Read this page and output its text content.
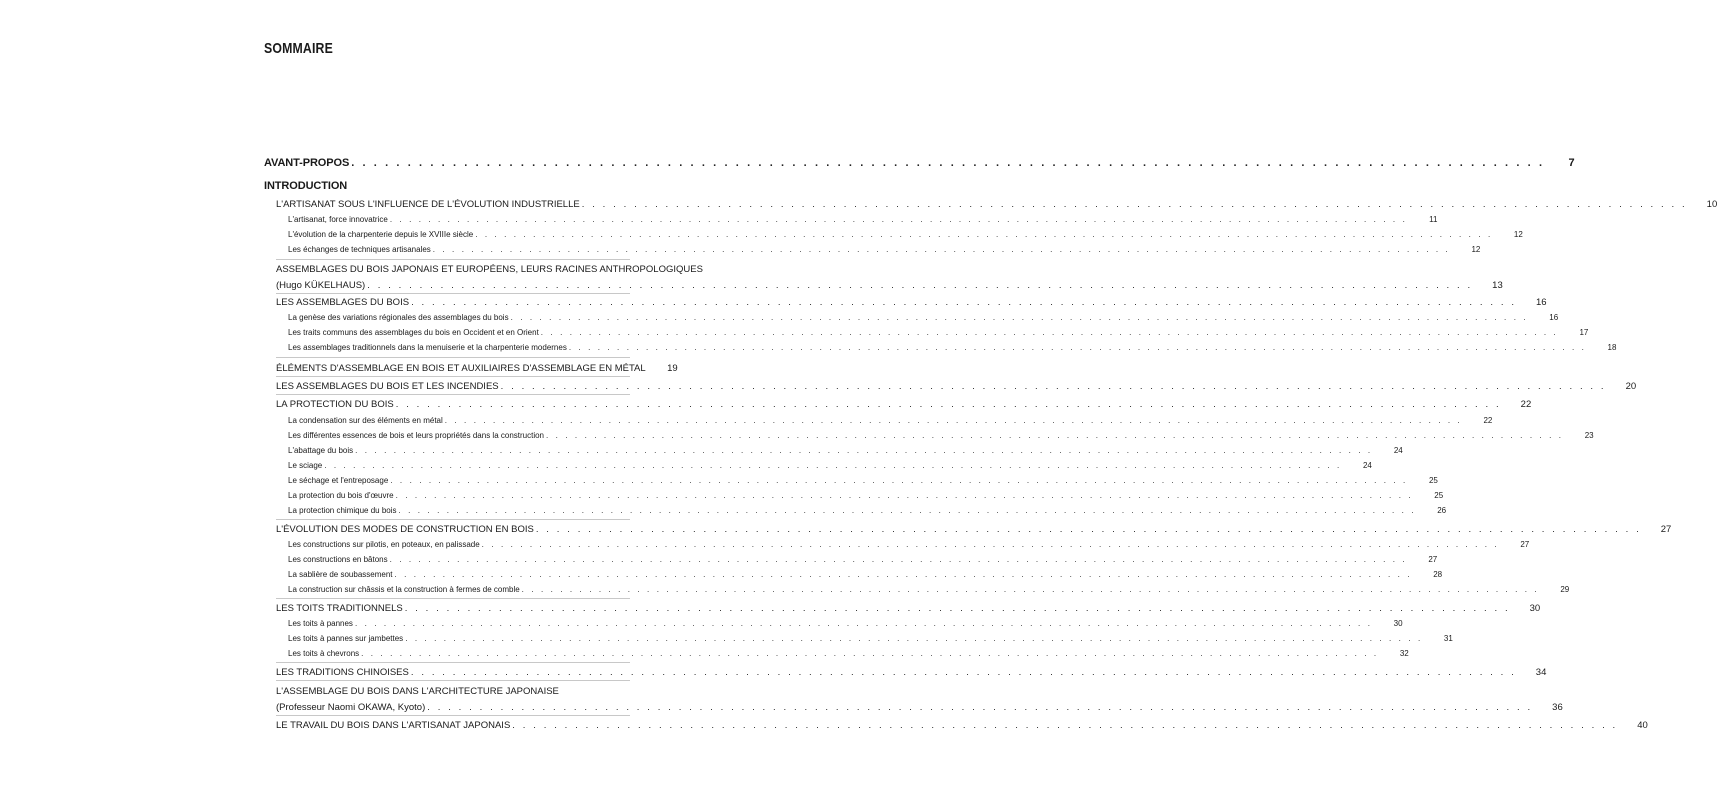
SOMMAIRE
AVANT-PROPOS . . .	7
INTRODUCTION
L'ARTISANAT SOUS L'INFLUENCE DE L'ÉVOLUTION INDUSTRIELLE . . .	10
L'artisanat, force innovatrice . . .	11
L'évolution de la charpenterie depuis le XVIIIe siècle . . .	12
Les échanges de techniques artisanales . . .	12
ASSEMBLAGES DU BOIS JAPONAIS ET EUROPÉENS, LEURS RACINES ANTHROPOLOGIQUES
(Hugo KÜKELHAUS) . . .	13
LES ASSEMBLAGES DU BOIS . . .	16
La genèse des variations régionales des assemblages du bois . . .	16
Les traits communs des assemblages du bois en Occident et en Orient . . .	17
Les assemblages traditionnels dans la menuiserie et la charpenterie modernes . . .	18
ÉLÉMENTS D'ASSEMBLAGE EN BOIS ET AUXILIAIRES D'ASSEMBLAGE EN MÉTAL	19
LES ASSEMBLAGES DU BOIS ET LES INCENDIES . . .	20
LA PROTECTION DU BOIS . . .	22
La condensation sur des éléments en métal . . .	22
Les différentes essences de bois et leurs propriétés dans la construction . . .	23
L'abattage du bois . . .	24
Le sciage . . .	24
Le séchage et l'entreposage . . .	25
La protection du bois d'œuvre . . .	25
La protection chimique du bois . . .	26
L'ÉVOLUTION DES MODES DE CONSTRUCTION EN BOIS . . .	27
Les constructions sur pilotis, en poteaux, en palissade . . .	27
Les constructions en bâtons . . .	27
La sablière de soubassement . . .	28
La construction sur châssis et la construction à fermes de comble . . .	29
LES TOITS TRADITIONNELS . . .	30
Les toits à pannes . . .	30
Les toits à pannes sur jambettes . . .	31
Les toits à chevrons . . .	32
LES TRADITIONS CHINOISES . . .	34
L'ASSEMBLAGE DU BOIS DANS L'ARCHITECTURE JAPONAISE
(Professeur Naomi OKAWA, Kyoto) . . .	36
LE TRAVAIL DU BOIS DANS L'ARTISANAT JAPONAIS . . .	40
